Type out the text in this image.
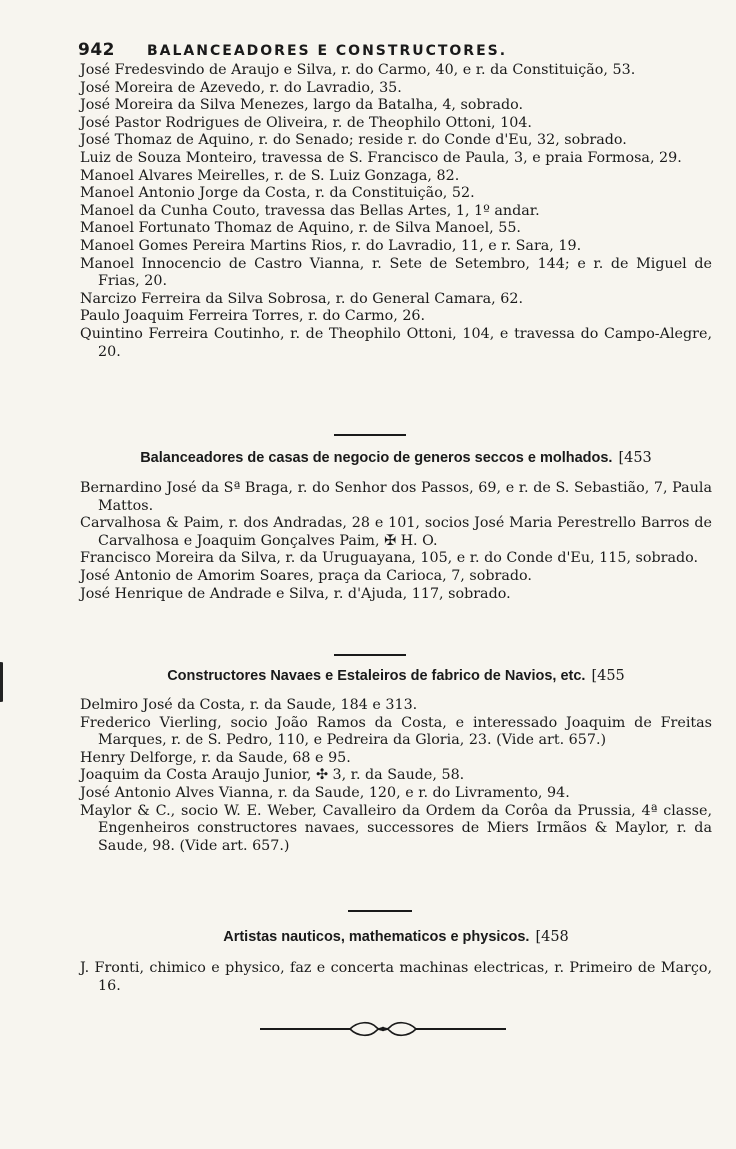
942 BALANCEADORES E CONSTRUCTORES.
José Fredesvindo de Araujo e Silva, r. do Carmo, 40, e r. da Constituição, 53.
José Moreira de Azevedo, r. do Lavradio, 35.
José Moreira da Silva Menezes, largo da Batalha, 4, sobrado.
José Pastor Rodrigues de Oliveira, r. de Theophilo Ottoni, 104.
José Thomaz de Aquino, r. do Senado; reside r. do Conde d'Eu, 32, sobrado.
Luiz de Souza Monteiro, travessa de S. Francisco de Paula, 3, e praia Formosa, 29.
Manoel Alvares Meirelles, r. de S. Luiz Gonzaga, 82.
Manoel Antonio Jorge da Costa, r. da Constituição, 52.
Manoel da Cunha Couto, travessa das Bellas Artes, 1, 1º andar.
Manoel Fortunato Thomaz de Aquino, r. de Silva Manoel, 55.
Manoel Gomes Pereira Martins Rios, r. do Lavradio, 11, e r. Sara, 19.
Manoel Innocencio de Castro Vianna, r. Sete de Setembro, 144; e r. de Miguel de Frias, 20.
Narcizo Ferreira da Silva Sobrosa, r. do General Camara, 62.
Paulo Joaquim Ferreira Torres, r. do Carmo, 26.
Quintino Ferreira Coutinho, r. de Theophilo Ottoni, 104, e travessa do Campo-Alegre, 20.
Balanceadores de casas de negocio de generos seccos e molhados. [453
Bernardino José da Sª Braga, r. do Senhor dos Passos, 69, e r. de S. Sebastião, 7, Paula Mattos.
Carvalhosa & Paim, r. dos Andradas, 28 e 101, socios José Maria Perestrello Barros de Carvalhosa e Joaquim Gonçalves Paim, ✠ H. O.
Francisco Moreira da Silva, r. da Uruguayana, 105, e r. do Conde d'Eu, 115, sobrado.
José Antonio de Amorim Soares, praça da Carioca, 7, sobrado.
José Henrique de Andrade e Silva, r. d'Ajuda, 117, sobrado.
Constructores Navaes e Estaleiros de fabrico de Navios, etc. [455
Delmiro José da Costa, r. da Saude, 184 e 313.
Frederico Vierling, socio João Ramos da Costa, e interessado Joaquim de Freitas Marques, r. de S. Pedro, 110, e Pedreira da Gloria, 23. (Vide art. 657.)
Henry Delforge, r. da Saude, 68 e 95.
Joaquim da Costa Araujo Junior, ✣ 3, r. da Saude, 58.
José Antonio Alves Vianna, r. da Saude, 120, e r. do Livramento, 94.
Maylor & C., socio W. E. Weber, Cavalleiro da Ordem da Corôa da Prussia, 4ª classe, Engenheiros constructores navaes, successores de Miers Irmãos & Maylor, r. da Saude, 98. (Vide art. 657.)
Artistas nauticos, mathematicos e physicos. [458
J. Fronti, chimico e physico, faz e concerta machinas electricas, r. Primeiro de Março, 16.
